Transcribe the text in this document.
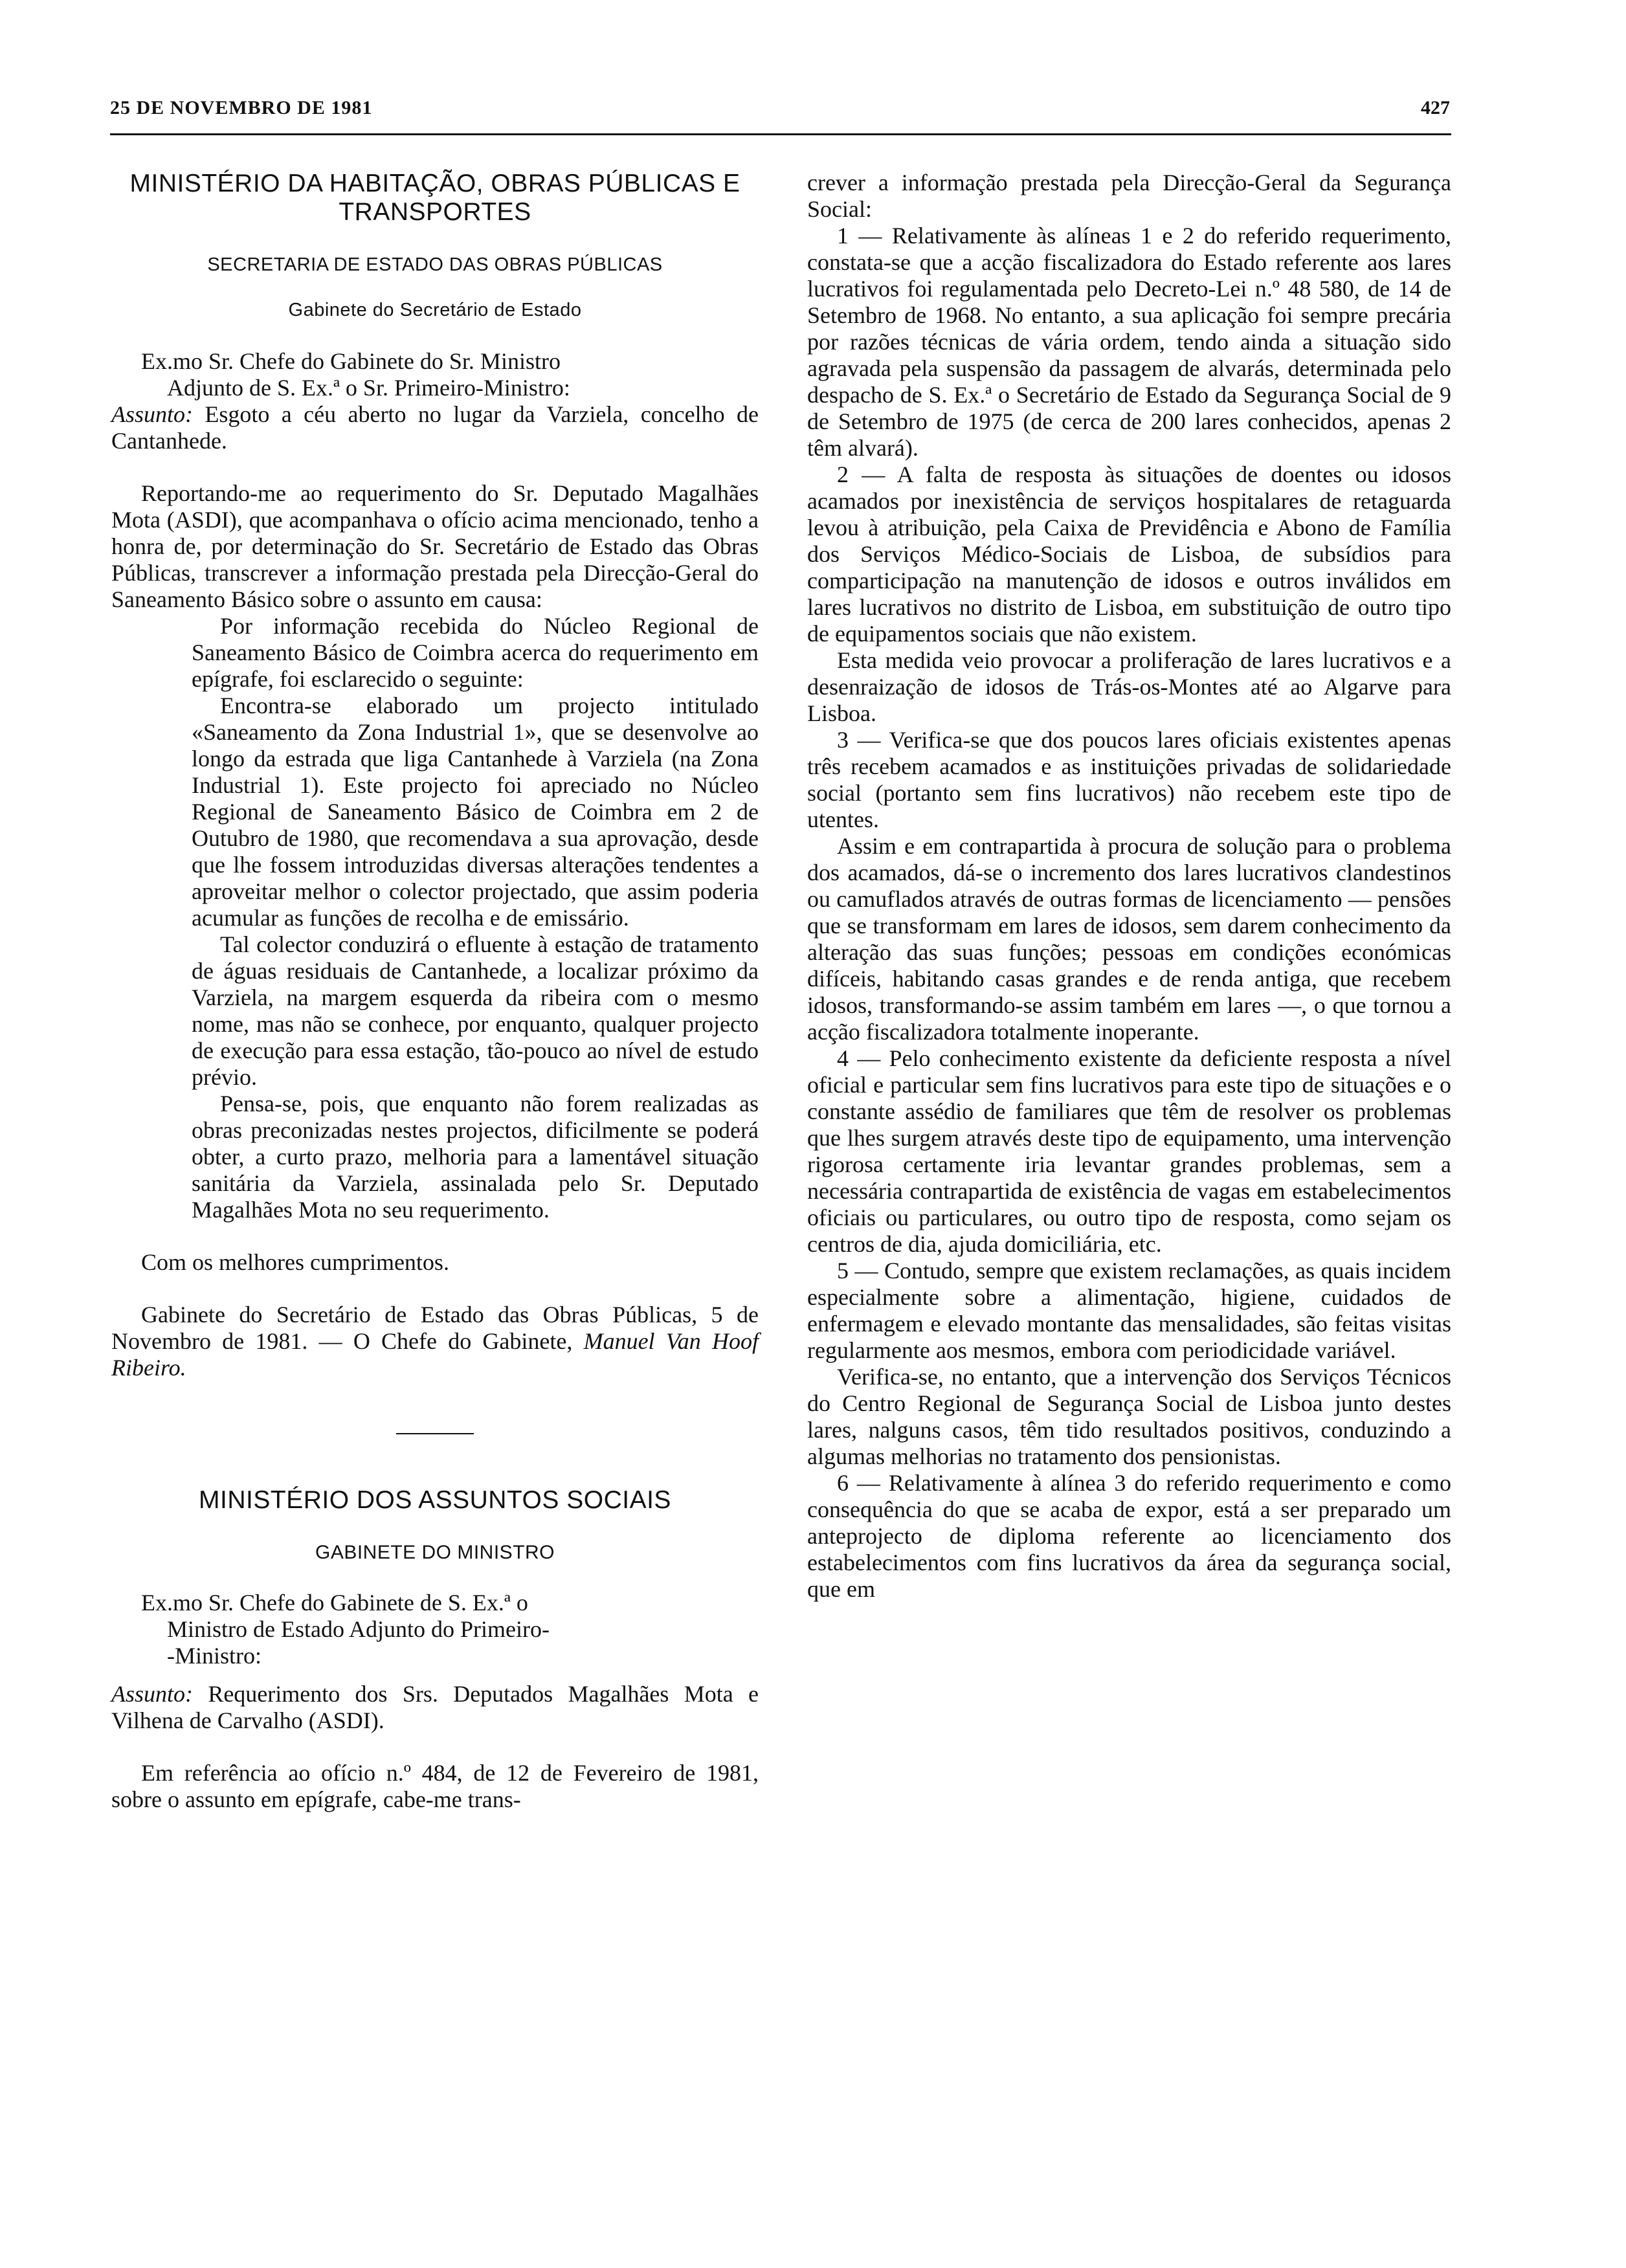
25 DE NOVEMBRO DE 1981	427
MINISTÉRIO DA HABITAÇÃO, OBRAS PÚBLICAS E TRANSPORTES
SECRETARIA DE ESTADO DAS OBRAS PÚBLICAS
Gabinete do Secretário de Estado
Ex.mo Sr. Chefe do Gabinete do Sr. Ministro
Adjunto de S. Ex.ª o Sr. Primeiro-Ministro:

Assunto: Esgoto a céu aberto no lugar da Varziela, concelho de Cantanhede.

Reportando-me ao requerimento do Sr. Deputado Magalhães Mota (ASDI), que acompanhava o ofício acima mencionado, tenho a honra de, por determinação do Sr. Secretário de Estado das Obras Públicas, transcrever a informação prestada pela Direcção-Geral do Saneamento Básico sobre o assunto em causa:

Por informação recebida do Núcleo Regional de Saneamento Básico de Coimbra acerca do requerimento em epígrafe, foi esclarecido o seguinte:

Encontra-se elaborado um projecto intitulado «Saneamento da Zona Industrial 1», que se desenvolve ao longo da estrada que liga Cantanhede à Varziela (na Zona Industrial 1). Este projecto foi apreciado no Núcleo Regional de Saneamento Básico de Coimbra em 2 de Outubro de 1980, que recomendava a sua aprovação, desde que lhe fossem introduzidas diversas alterações tendentes a aproveitar melhor o colector projectado, que assim poderia acumular as funções de recolha e de emissário.

Tal colector conduzirá o efluente à estação de tratamento de águas residuais de Cantanhede, a localizar próximo da Varziela, na margem esquerda da ribeira com o mesmo nome, mas não se conhece, por enquanto, qualquer projecto de execução para essa estação, tão-pouco ao nível de estudo prévio.

Pensa-se, pois, que enquanto não forem realizadas as obras preconizadas nestes projectos, dificilmente se poderá obter, a curto prazo, melhoria para a lamentável situação sanitária da Varziela, assinalada pelo Sr. Deputado Magalhães Mota no seu requerimento.

Com os melhores cumprimentos.

Gabinete do Secretário de Estado das Obras Públicas, 5 de Novembro de 1981. — O Chefe do Gabinete, Manuel Van Hoof Ribeiro.

MINISTÉRIO DOS ASSUNTOS SOCIAIS
GABINETE DO MINISTRO
Ex.mo Sr. Chefe do Gabinete de S. Ex.ª o
Ministro de Estado Adjunto do Primeiro-
-Ministro:

Assunto: Requerimento dos Srs. Deputados Magalhães Mota e Vilhena de Carvalho (ASDI).

Em referência ao ofício n.º 484, de 12 de Fevereiro de 1981, sobre o assunto em epígrafe, cabe-me trans-

crever a informação prestada pela Direcção-Geral da Segurança Social:

1 — Relativamente às alíneas 1 e 2 do referido requerimento, constata-se que a acção fiscalizadora do Estado referente aos lares lucrativos foi regulamentada pelo Decreto-Lei n.º 48 580, de 14 de Setembro de 1968. No entanto, a sua aplicação foi sempre precária por razões técnicas de vária ordem, tendo ainda a situação sido agravada pela suspensão da passagem de alvarás, determinada pelo despacho de S. Ex.ª o Secretário de Estado da Segurança Social de 9 de Setembro de 1975 (de cerca de 200 lares conhecidos, apenas 2 têm alvará).

2 — A falta de resposta às situações de doentes ou idosos acamados por inexistência de serviços hospitalares de retaguarda levou à atribuição, pela Caixa de Previdência e Abono de Família dos Serviços Médico-Sociais de Lisboa, de subsídios para comparticipação na manutenção de idosos e outros inválidos em lares lucrativos no distrito de Lisboa, em substituição de outro tipo de equipamentos sociais que não existem.

Esta medida veio provocar a proliferação de lares lucrativos e a desenraização de idosos de Trás-os-Montes até ao Algarve para Lisboa.

3 — Verifica-se que dos poucos lares oficiais existentes apenas três recebem acamados e as instituições privadas de solidariedade social (portanto sem fins lucrativos) não recebem este tipo de utentes.

Assim e em contrapartida à procura de solução para o problema dos acamados, dá-se o incremento dos lares lucrativos clandestinos ou camuflados através de outras formas de licenciamento — pensões que se transformam em lares de idosos, sem darem conhecimento da alteração das suas funções; pessoas em condições económicas difíceis, habitando casas grandes e de renda antiga, que recebem idosos, transformando-se assim também em lares —, o que tornou a acção fiscalizadora totalmente inoperante.

4 — Pelo conhecimento existente da deficiente resposta a nível oficial e particular sem fins lucrativos para este tipo de situações e o constante assédio de familiares que têm de resolver os problemas que lhes surgem através deste tipo de equipamento, uma intervenção rigorosa certamente iria levantar grandes problemas, sem a necessária contrapartida de existência de vagas em estabelecimentos oficiais ou particulares, ou outro tipo de resposta, como sejam os centros de dia, ajuda domiciliária, etc.

5 — Contudo, sempre que existem reclamações, as quais incidem especialmente sobre a alimentação, higiene, cuidados de enfermagem e elevado montante das mensalidades, são feitas visitas regularmente aos mesmos, embora com periodicidade variável.

Verifica-se, no entanto, que a intervenção dos Serviços Técnicos do Centro Regional de Segurança Social de Lisboa junto destes lares, nalguns casos, têm tido resultados positivos, conduzindo a algumas melhorias no tratamento dos pensionistas.

6 — Relativamente à alínea 3 do referido requerimento e como consequência do que se acaba de expor, está a ser preparado um anteprojecto de diploma referente ao licenciamento dos estabelecimentos com fins lucrativos da área da segurança social, que em
